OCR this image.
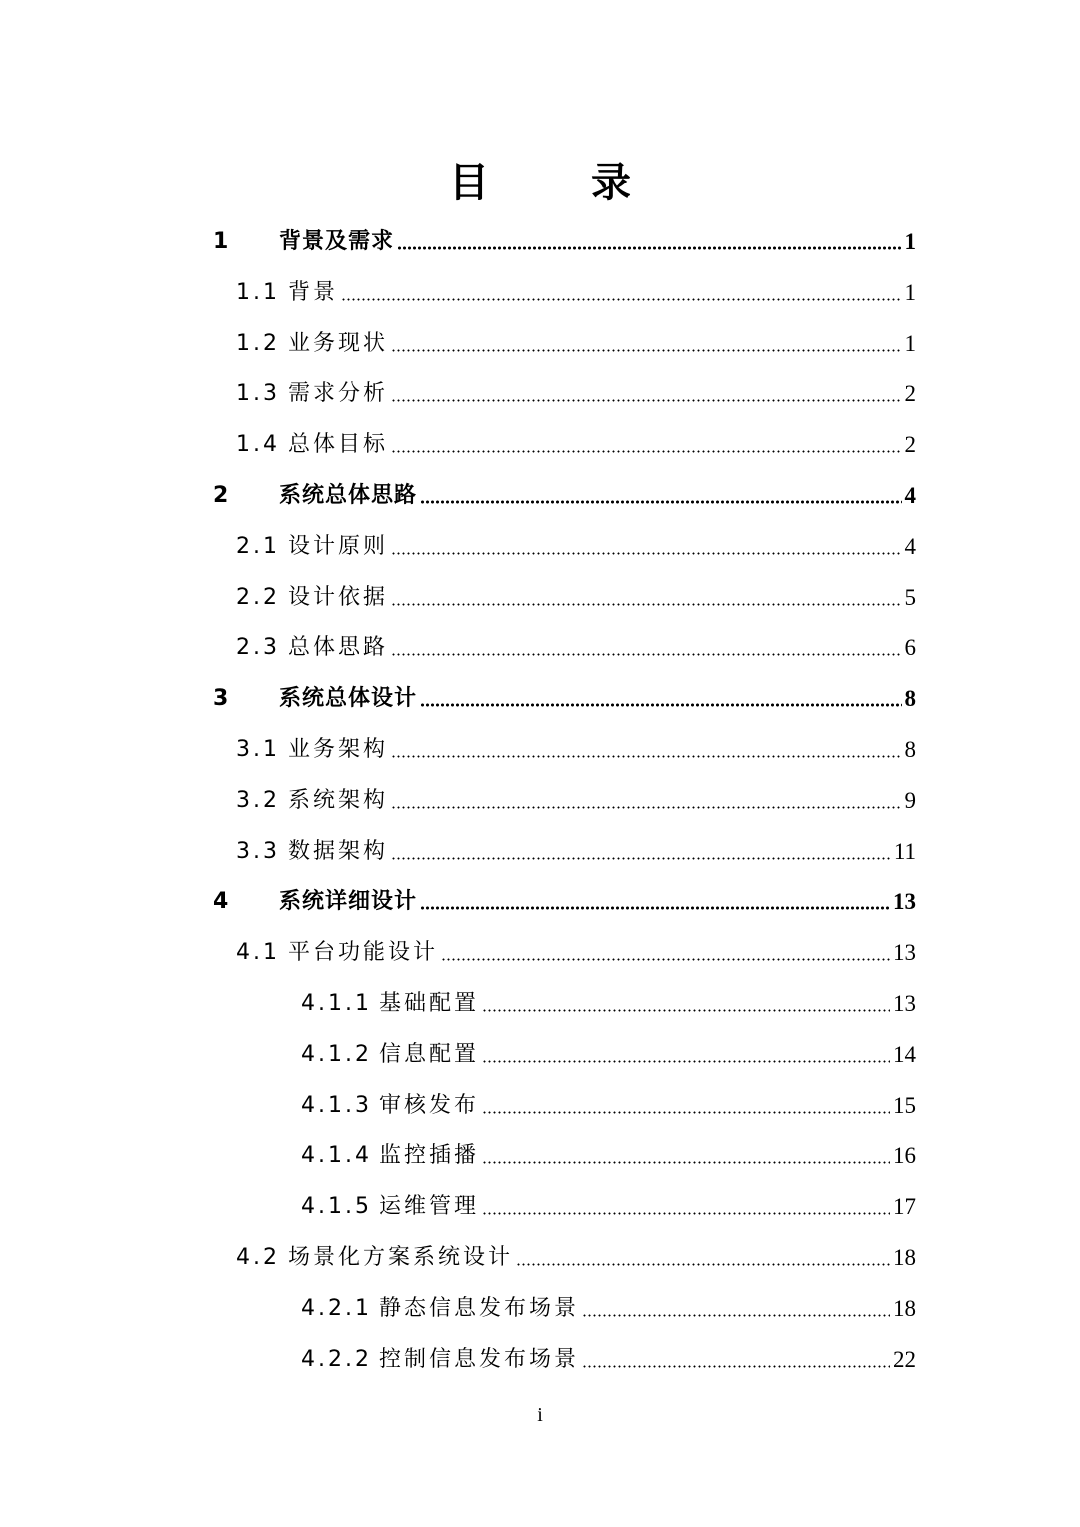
目 录
1	背景及需求	1
1.1 背景	1
1.2 业务现状	1
1.3 需求分析	2
1.4 总体目标	2
2	系统总体思路	4
2.1 设计原则	4
2.2 设计依据	5
2.3 总体思路	6
3	系统总体设计	8
3.1 业务架构	8
3.2 系统架构	9
3.3 数据架构	11
4	系统详细设计	13
4.1 平台功能设计	13
4.1.1 基础配置	13
4.1.2 信息配置	14
4.1.3 审核发布	15
4.1.4 监控插播	16
4.1.5 运维管理	17
4.2 场景化方案系统设计	18
4.2.1 静态信息发布场景	18
4.2.2 控制信息发布场景	22
i
